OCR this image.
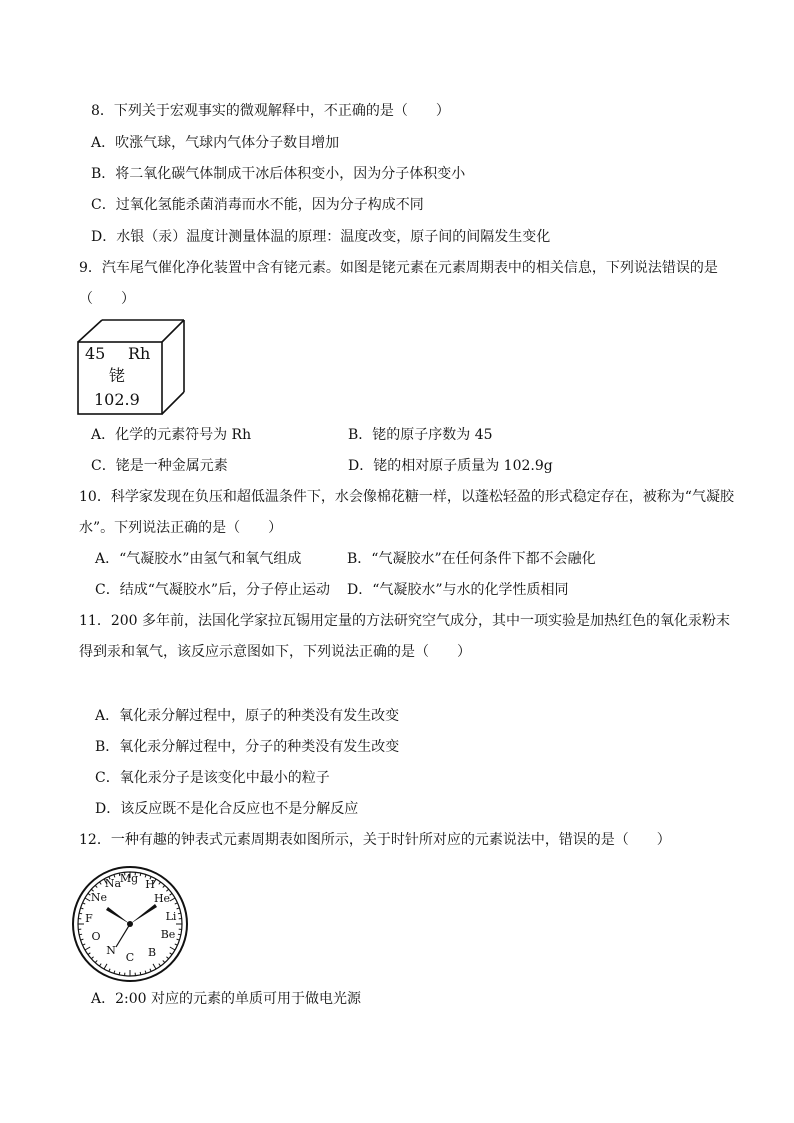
8．下列关于宏观事实的微观解释中，不正确的是（　　）
A．吹涨气球，气球内气体分子数目增加
B．将二氧化碳气体制成干冰后体积变小，因为分子体积变小
C．过氧化氢能杀菌消毒而水不能，因为分子构成不同
D．水银（汞）温度计测量体温的原理：温度改变，原子间的间隔发生变化
9．汽车尾气催化净化装置中含有铑元素。如图是铑元素在元素周期表中的相关信息，下列说法错误的是
（　　）
45 Rh
铑
102.9
A．化学的元素符号为 Rh	B．铑的原子序数为 45
C．铑是一种金属元素	D．铑的相对原子质量为 102.9g
10．科学家发现在负压和超低温条件下，水会像棉花糖一样，以蓬松轻盈的形式稳定存在，被称为“气凝胶
水”。下列说法正确的是（　　）
A．“气凝胶水”由氢气和氧气组成	B．“气凝胶水”在任何条件下都不会融化
C．结成“气凝胶水”后，分子停止运动 D．“气凝胶水”与水的化学性质相同
11．200 多年前，法国化学家拉瓦锡用定量的方法研究空气成分，其中一项实验是加热红色的氧化汞粉末
得到汞和氧气，该反应示意图如下，下列说法正确的是（　　）
A．氧化汞分解过程中，原子的种类没有发生改变
B．氧化汞分解过程中，分子的种类没有发生改变
C．氧化汞分子是该变化中最小的粒子
D．该反应既不是化合反应也不是分解反应
12．一种有趣的钟表式元素周期表如图所示，关于时针所对应的元素说法中，错误的是（　　）
H
He
Li
Be
B
C
N
O
F
Ne
Na
Mg
A．2:00 对应的元素的单质可用于做电光源
